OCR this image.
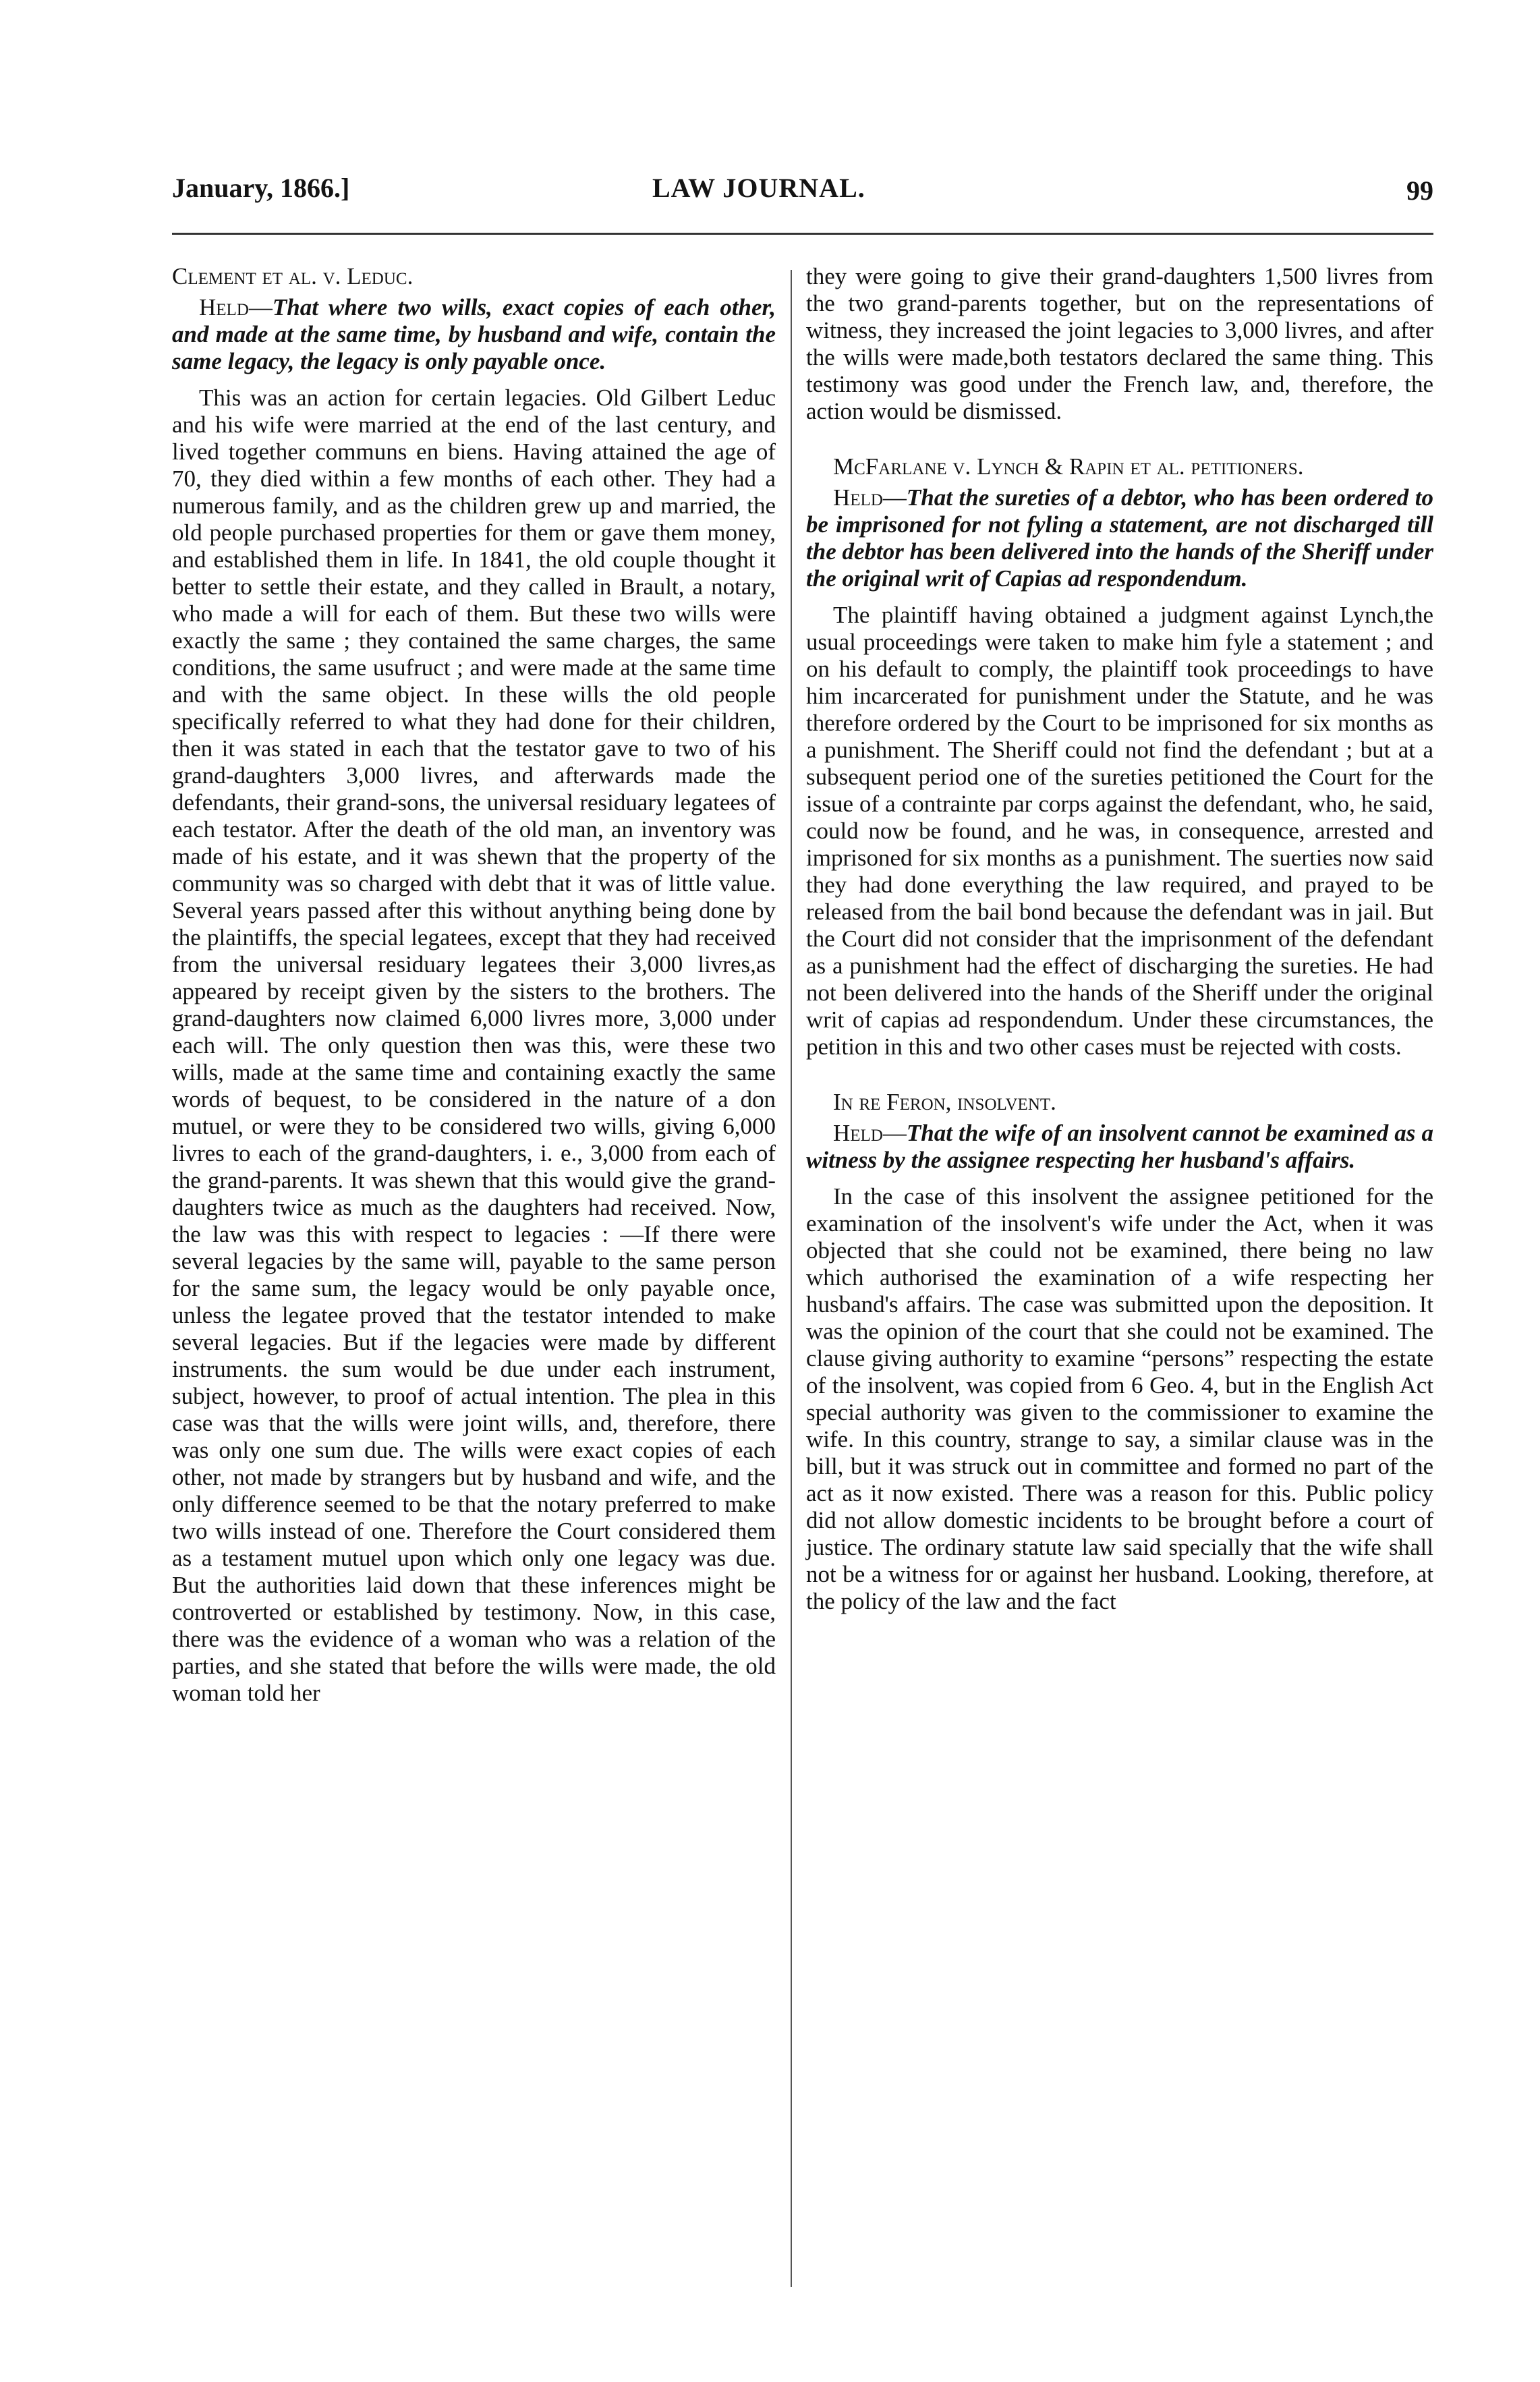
January, 1866.]	LAW JOURNAL.	99

Clement et al. v. Leduc.

Held—That where two wills, exact copies of each other, and made at the same time, by husband and wife, contain the same legacy, the legacy is only payable once.

This was an action for certain legacies. Old Gilbert Leduc and his wife were married at the end of the last century, and lived together communs en biens. Having attained the age of 70, they died within a few months of each other. They had a numerous family, and as the children grew up and married, the old people purchased properties for them or gave them money, and established them in life. In 1841, the old couple thought it better to settle their estate, and they called in Brault, a notary, who made a will for each of them. But these two wills were exactly the same ; they contained the same charges, the same conditions, the same usufruct ; and were made at the same time and with the same object. In these wills the old people specifically referred to what they had done for their children, then it was stated in each that the testator gave to two of his grand-daughters 3,000 livres, and afterwards made the defendants, their grand-sons, the universal residuary legatees of each testator. After the death of the old man, an inventory was made of his estate, and it was shewn that the property of the community was so charged with debt that it was of little value. Several years passed after this without anything being done by the plaintiffs, the special legatees, except that they had received from the universal residuary legatees their 3,000 livres,as appeared by receipt given by the sisters to the brothers. The grand-daughters now claimed 6,000 livres more, 3,000 under each will. The only question then was this, were these two wills, made at the same time and containing exactly the same words of bequest, to be considered in the nature of a don mutuel, or were they to be considered two wills, giving 6,000 livres to each of the grand-daughters, i. e., 3,000 from each of the grand-parents. It was shewn that this would give the grand-daughters twice as much as the daughters had received. Now, the law was this with respect to legacies : —If there were several legacies by the same will, payable to the same person for the same sum, the legacy would be only payable once, unless the legatee proved that the testator intended to make several legacies. But if the legacies were made by different instruments. the sum would be due under each instrument, subject, however, to proof of actual intention. The plea in this case was that the wills were joint wills, and, therefore, there was only one sum due. The wills were exact copies of each other, not made by strangers but by husband and wife, and the only difference seemed to be that the notary preferred to make two wills instead of one. Therefore the Court considered them as a testament mutuel upon which only one legacy was due. But the authorities laid down that these inferences might be controverted or established by testimony. Now, in this case, there was the evidence of a woman who was a relation of the parties, and she stated that before the wills were made, the old woman told her

they were going to give their grand-daughters 1,500 livres from the two grand-parents together, but on the representations of witness, they increased the joint legacies to 3,000 livres, and after the wills were made,both testators declared the same thing. This testimony was good under the French law, and, therefore, the action would be dismissed.

McFarlane v. Lynch & Rapin et al. petitioners.

Held—That the sureties of a debtor, who has been ordered to be imprisoned for not fyling a statement, are not discharged till the debtor has been delivered into the hands of the Sheriff under the original writ of Capias ad respondendum.

The plaintiff having obtained a judgment against Lynch,the usual proceedings were taken to make him fyle a statement ; and on his default to comply, the plaintiff took proceedings to have him incarcerated for punishment under the Statute, and he was therefore ordered by the Court to be imprisoned for six months as a punishment. The Sheriff could not find the defendant ; but at a subsequent period one of the sureties petitioned the Court for the issue of a contrainte par corps against the defendant, who, he said, could now be found, and he was, in consequence, arrested and imprisoned for six months as a punishment. The suerties now said they had done everything the law required, and prayed to be released from the bail bond because the defendant was in jail. But the Court did not consider that the imprisonment of the defendant as a punishment had the effect of discharging the sureties. He had not been delivered into the hands of the Sheriff under the original writ of capias ad respondendum. Under these circumstances, the petition in this and two other cases must be rejected with costs.

In re Feron, insolvent.

Held—That the wife of an insolvent cannot be examined as a witness by the assignee respecting her husband's affairs.

In the case of this insolvent the assignee petitioned for the examination of the insolvent's wife under the Act, when it was objected that she could not be examined, there being no law which authorised the examination of a wife respecting her husband's affairs. The case was submitted upon the deposition. It was the opinion of the court that she could not be examined. The clause giving authority to examine “persons” respecting the estate of the insolvent, was copied from 6 Geo. 4, but in the English Act special authority was given to the commissioner to examine the wife. In this country, strange to say, a similar clause was in the bill, but it was struck out in committee and formed no part of the act as it now existed. There was a reason for this. Public policy did not allow domestic incidents to be brought before a court of justice. The ordinary statute law said specially that the wife shall not be a witness for or against her husband. Looking, therefore, at the policy of the law and the fact
